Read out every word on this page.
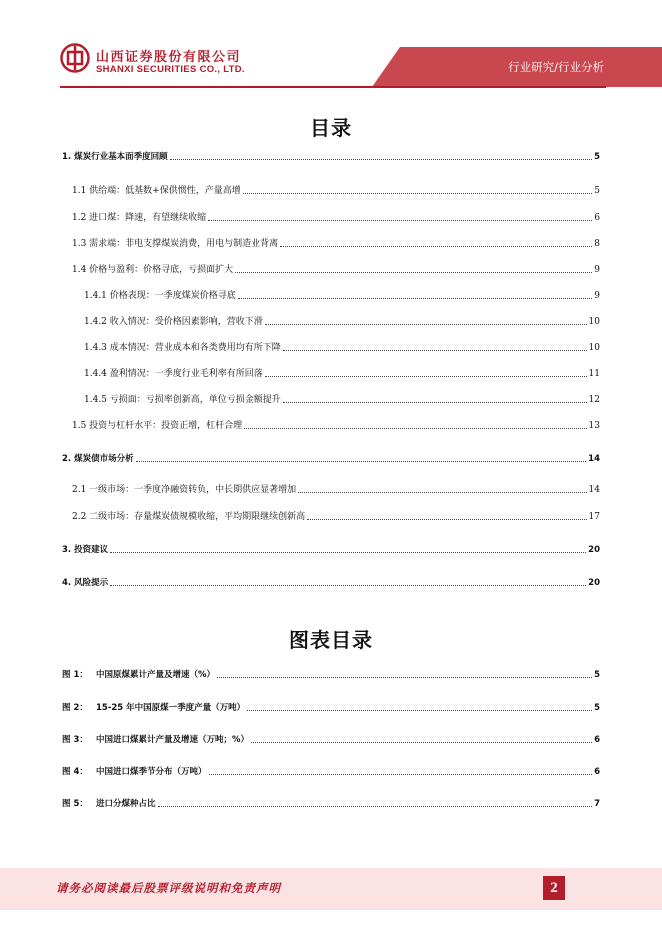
山西证券股份有限公司
SHANXI SECURITIES CO., LTD.	行业研究/行业分析
目录
1. 煤炭行业基本面季度回顾	5
1.1 供给端：低基数+保供惯性，产量高增	5
1.2 进口煤：降速，有望继续收缩	6
1.3 需求端：非电支撑煤炭消费，用电与制造业背离	8
1.4 价格与盈利：价格寻底，亏损面扩大	9
1.4.1 价格表现：一季度煤炭价格寻底	9
1.4.2 收入情况：受价格因素影响，营收下滑	10
1.4.3 成本情况：营业成本和各类费用均有所下降	10
1.4.4 盈利情况：一季度行业毛利率有所回落	11
1.4.5 亏损面：亏损率创新高，单位亏损金额提升	12
1.5 投资与杠杆水平：投资正增，杠杆合理	13
2. 煤炭债市场分析	14
2.1 一级市场：一季度净融资转负，中长期供应显著增加	14
2.2 二级市场：存量煤炭债规模收缩，平均期限继续创新高	17
3. 投资建议	20
4. 风险提示	20
图表目录
图 1： 中国原煤累计产量及增速（%）	5
图 2： 15-25 年中国原煤一季度产量（万吨）	5
图 3： 中国进口煤累计产量及增速（万吨；%）	6
图 4： 中国进口煤季节分布（万吨）	6
图 5： 进口分煤种占比	7
请务必阅读最后股票评级说明和免责声明	2
